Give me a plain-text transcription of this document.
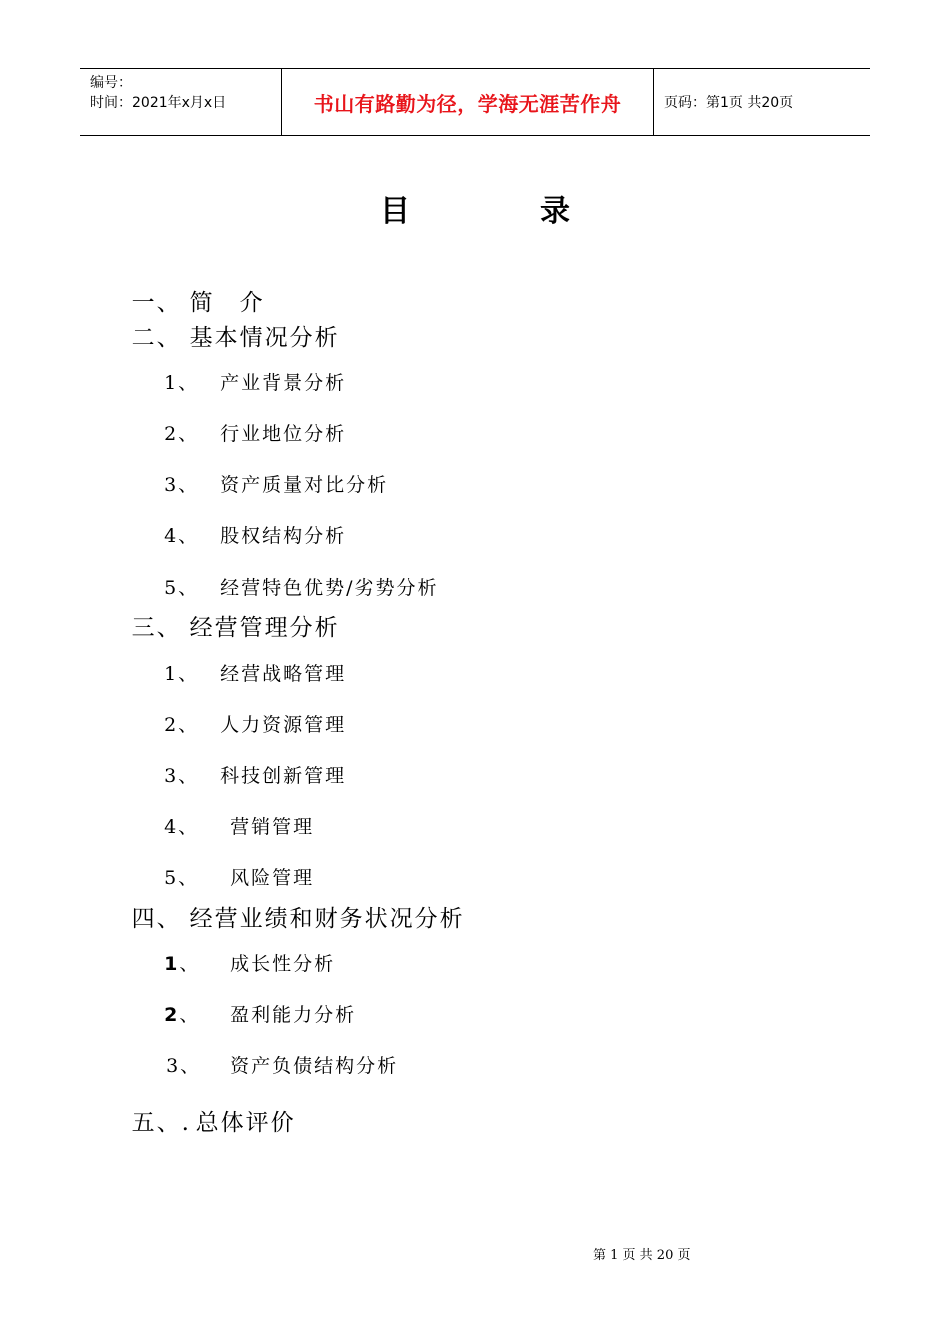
编号：
时间：2021年x月x日	书山有路勤为径，学海无涯苦作舟	页码：第1页 共20页
目	录

一、 简　介

二、 基本情况分析

1、 产业背景分析

2、 行业地位分析

3、 资产质量对比分析

4、 股权结构分析

5、 经营特色优势/劣势分析

三、 经营管理分析

1、 经营战略管理

2、 人力资源管理

3、 科技创新管理

4、 营销管理

5、 风险管理

四、 经营业绩和财务状况分析

1、 成长性分析

2、 盈利能力分析

3、 资产负债结构分析

五、. 总体评价

第 1 页 共 20 页
